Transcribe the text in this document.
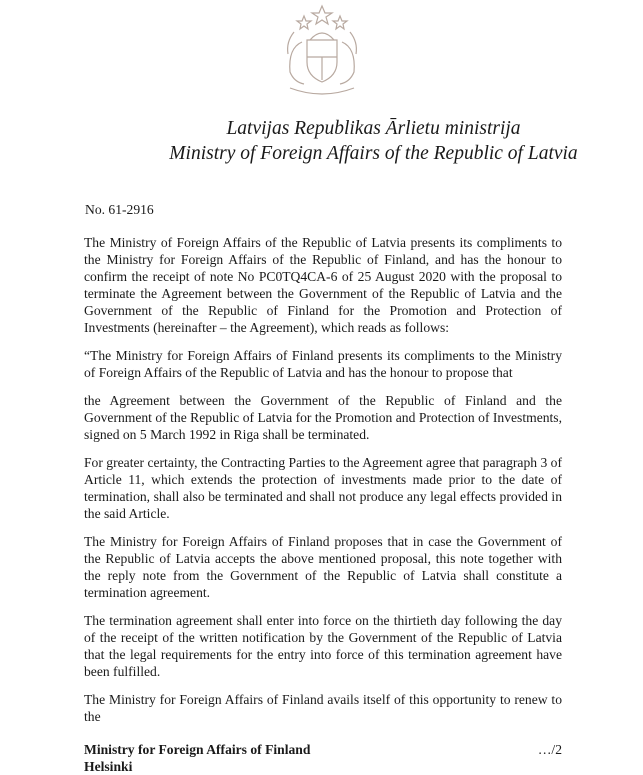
Latvijas Republikas Ārlietu ministrija
Ministry of Foreign Affairs of the Republic of Latvia
No. 61-2916

The Ministry of Foreign Affairs of the Republic of Latvia presents its compliments to the Ministry for Foreign Affairs of the Republic of Finland, and has the honour to confirm the receipt of note No PC0TQ4CA-6 of 25 August 2020 with the proposal to terminate the Agreement between the Government of the Republic of Latvia and the Government of the Republic of Finland for the Promotion and Protection of Investments (hereinafter – the Agreement), which reads as follows:

“The Ministry for Foreign Affairs of Finland presents its compliments to the Ministry of Foreign Affairs of the Republic of Latvia and has the honour to propose that

the Agreement between the Government of the Republic of Finland and the Government of the Republic of Latvia for the Promotion and Protection of Investments, signed on 5 March 1992 in Riga shall be terminated.

For greater certainty, the Contracting Parties to the Agreement agree that paragraph 3 of Article 11, which extends the protection of investments made prior to the date of termination, shall also be terminated and shall not produce any legal effects provided in the said Article.

The Ministry for Foreign Affairs of Finland proposes that in case the Government of the Republic of Latvia accepts the above mentioned proposal, this note together with the reply note from the Government of the Republic of Latvia shall constitute a termination agreement.

The termination agreement shall enter into force on the thirtieth day following the day of the receipt of the written notification by the Government of the Republic of Latvia that the legal requirements for the entry into force of this termination agreement have been fulfilled.

The Ministry for Foreign Affairs of Finland avails itself of this opportunity to renew to the

Ministry for Foreign Affairs of Finland
Helsinki
…/2
